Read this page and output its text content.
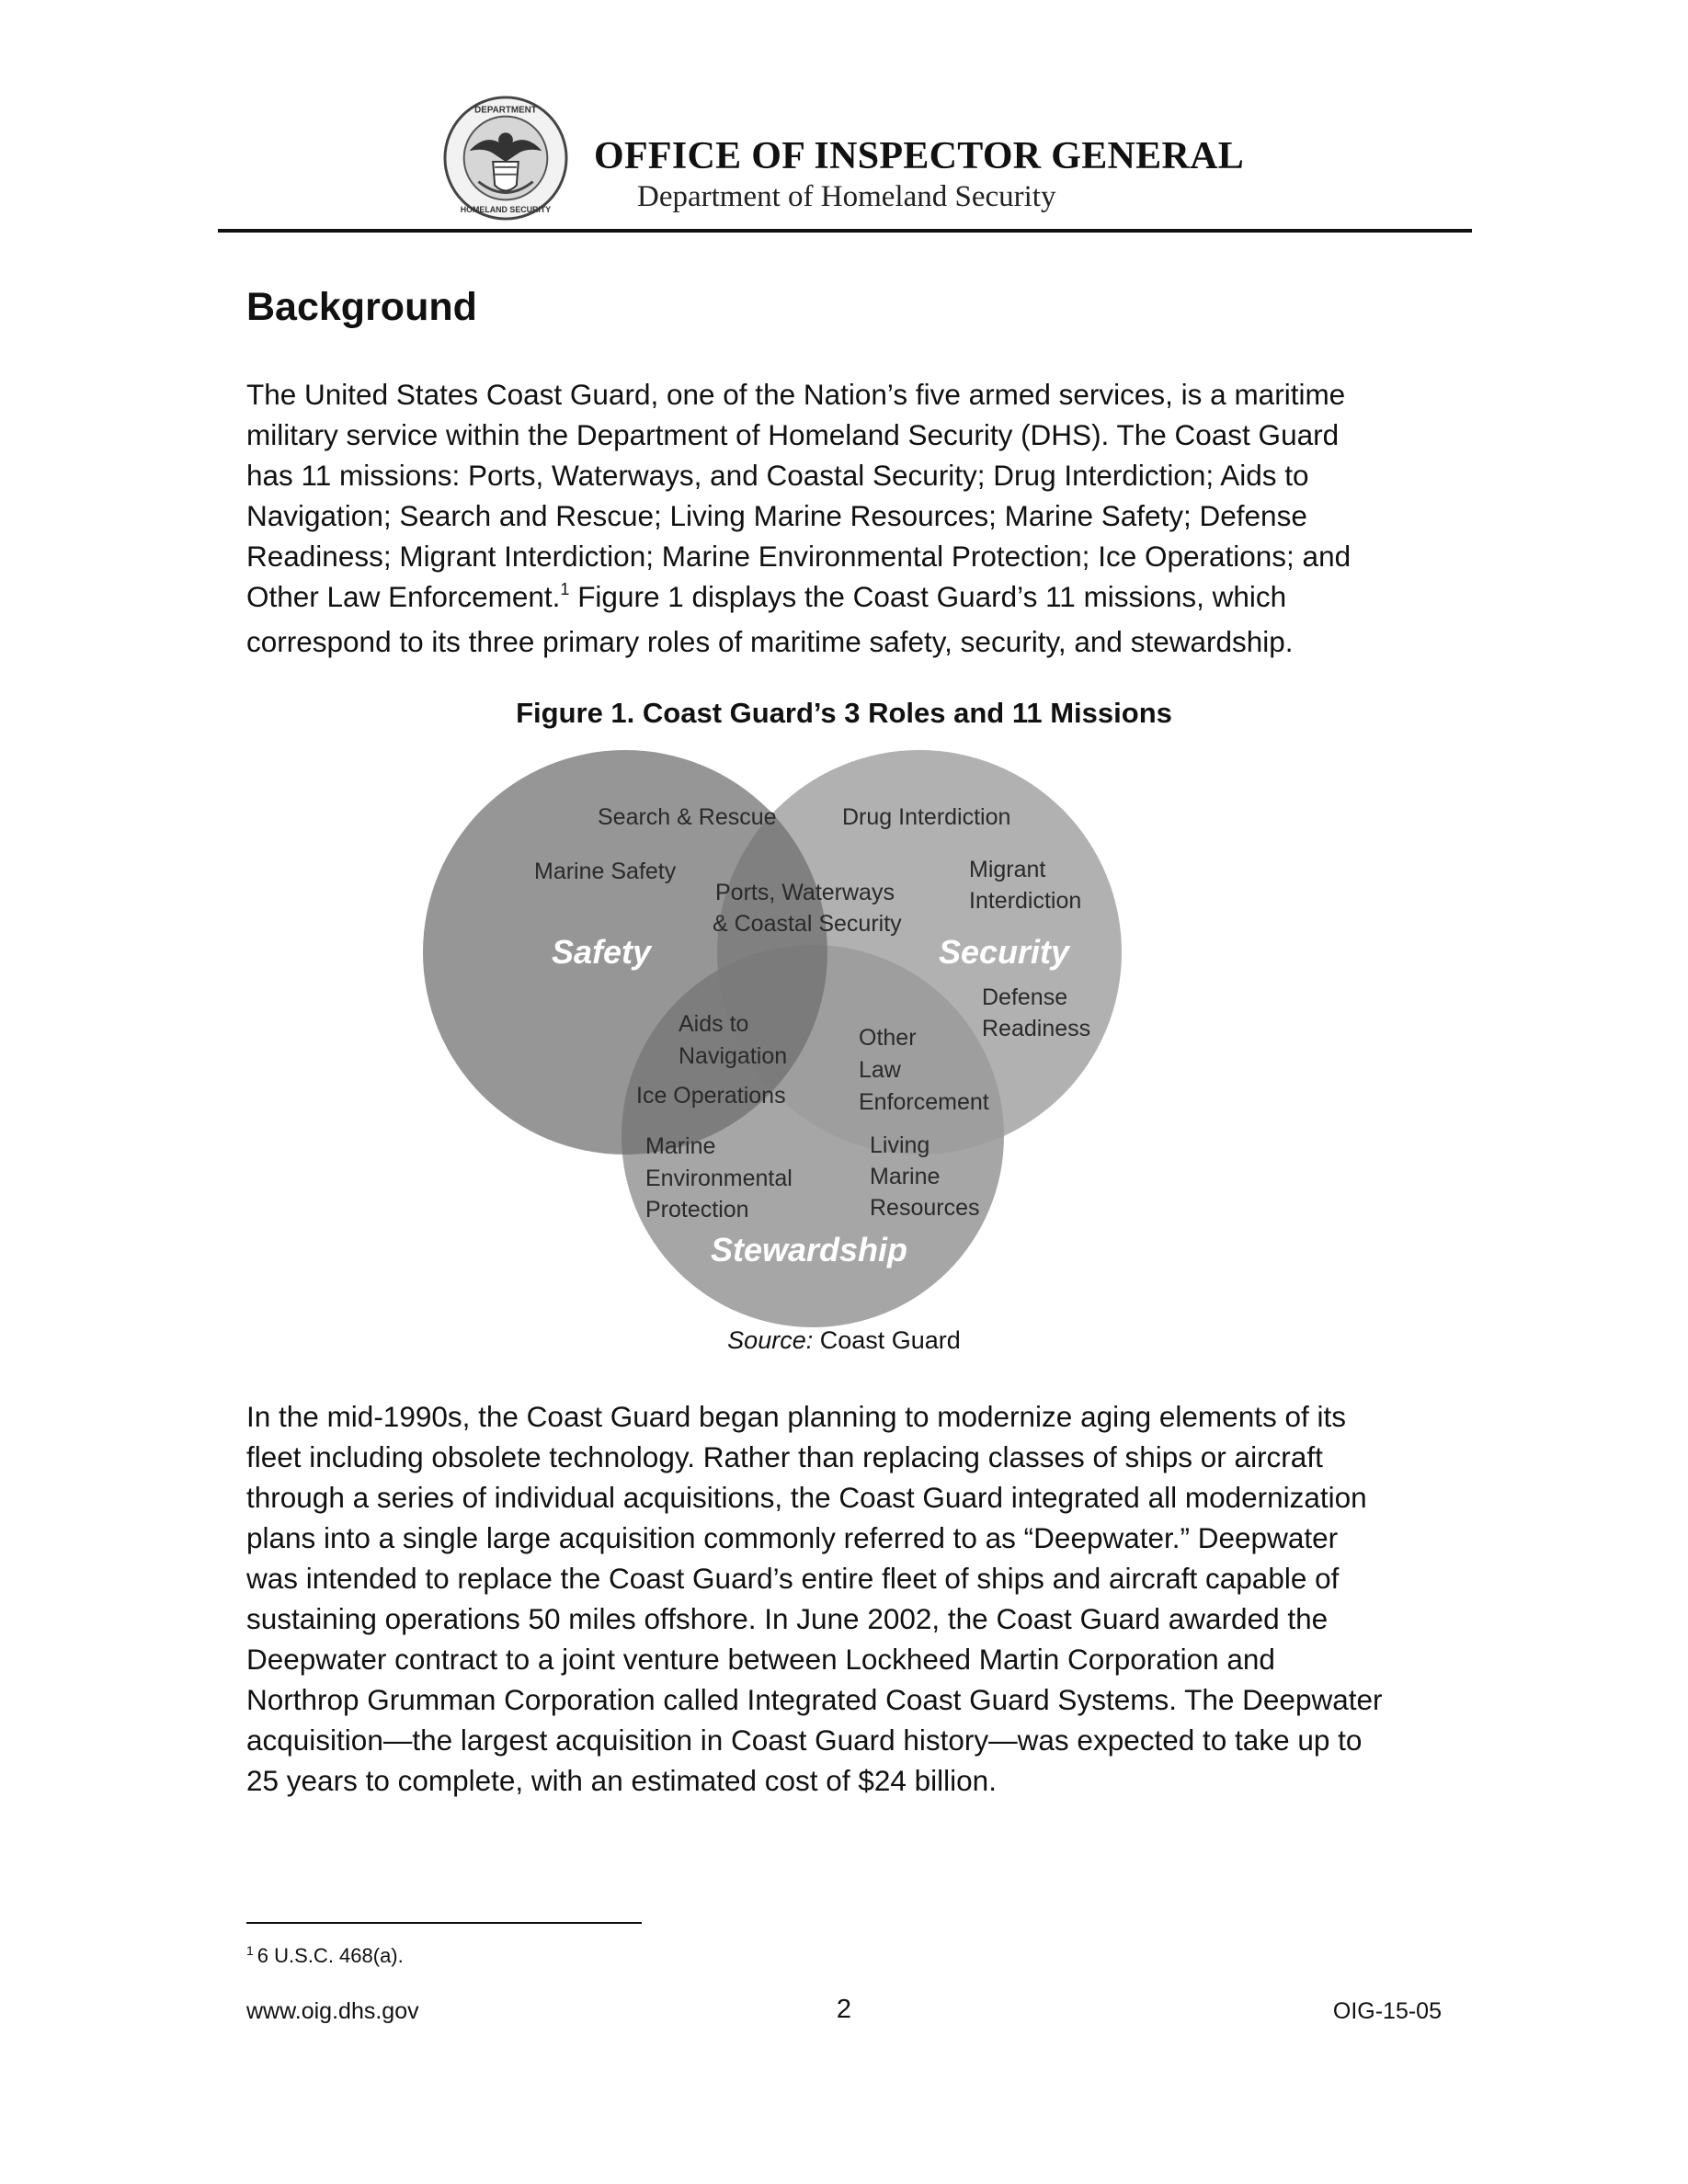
DEPARTMENT
HOMELAND SECURITY
OFFICE OF INSPECTOR GENERAL
Department of Homeland Security
Background
The United States Coast Guard, one of the Nation’s five armed services, is a maritime
military service within the Department of Homeland Security (DHS). The Coast Guard
has 11 missions: Ports, Waterways, and Coastal Security; Drug Interdiction; Aids to
Navigation; Search and Rescue; Living Marine Resources; Marine Safety; Defense
Readiness; Migrant Interdiction; Marine Environmental Protection; Ice Operations; and
Other Law Enforcement.$^1$ Figure 1 displays the Coast Guard’s 11 missions, which
correspond to its three primary roles of maritime safety, security, and stewardship.
Figure 1. Coast Guard’s 3 Roles and 11 Missions
Safety	Security
Stewardship
Search & Rescue
Marine Safety
Drug Interdiction
Migrant
Interdiction
Ports, Waterways
& Coastal Security
Defense
Readiness
Aids to
Navigation
Ice Operations
Other
Law
Enforcement
Marine
Environmental
Protection
Living
Marine
Resources
Source: Coast Guard
In the mid-1990s, the Coast Guard began planning to modernize aging elements of its
fleet including obsolete technology. Rather than replacing classes of ships or aircraft
through a series of individual acquisitions, the Coast Guard integrated all modernization
plans into a single large acquisition commonly referred to as “Deepwater.” Deepwater
was intended to replace the Coast Guard’s entire fleet of ships and aircraft capable of
sustaining operations 50 miles offshore. In June 2002, the Coast Guard awarded the
Deepwater contract to a joint venture between Lockheed Martin Corporation and
Northrop Grumman Corporation called Integrated Coast Guard Systems. The Deepwater
acquisition—the largest acquisition in Coast Guard history—was expected to take up to
25 years to complete, with an estimated cost of $24 billion.
$^1$ 6 U.S.C. 468(a).
www.oig.dhs.gov	2	OIG-15-05
